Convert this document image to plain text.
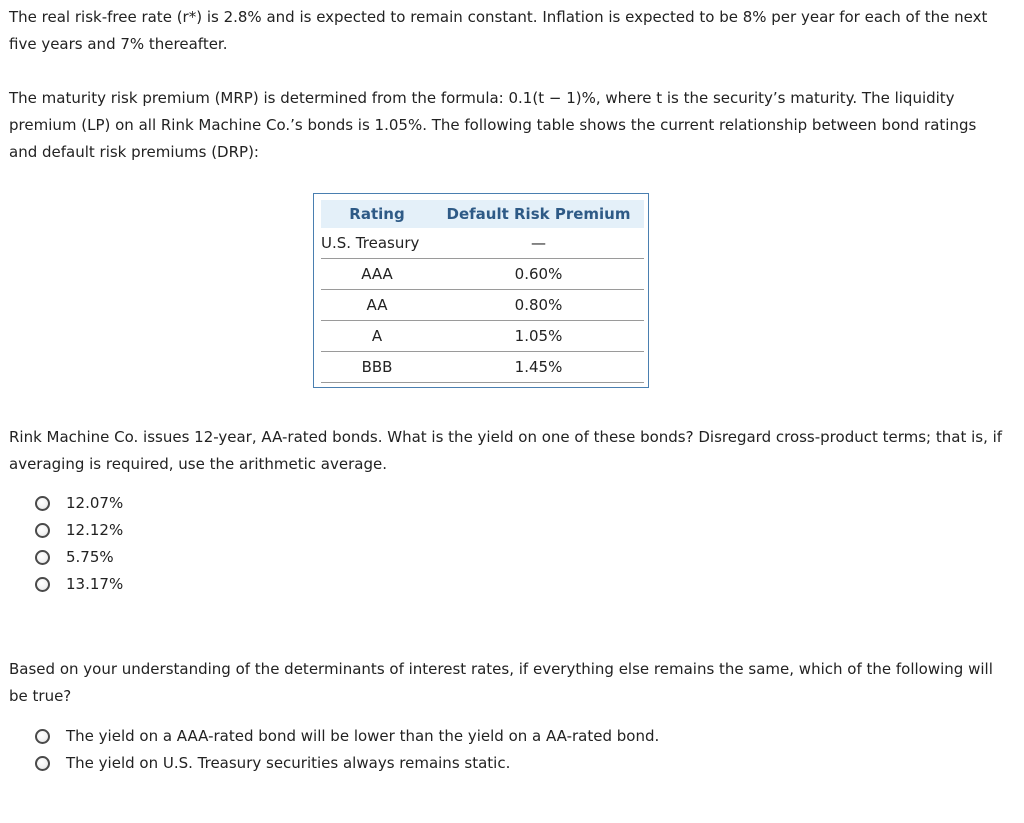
The real risk-free rate (r*) is 2.8% and is expected to remain constant. Inflation is expected to be 8% per year for each of the next five years and 7% thereafter.

The maturity risk premium (MRP) is determined from the formula: 0.1(t − 1)%, where t is the security’s maturity. The liquidity premium (LP) on all Rink Machine Co.’s bonds is 1.05%. The following table shows the current relationship between bond ratings and default risk premiums (DRP):

Rating	Default Risk Premium
U.S. Treasury	—
AAA	0.60%
AA	0.80%
A	1.05%
BBB	1.45%

Rink Machine Co. issues 12-year, AA-rated bonds. What is the yield on one of these bonds? Disregard cross-product terms; that is, if averaging is required, use the arithmetic average.

12.07%
12.12%
5.75%
13.17%

Based on your understanding of the determinants of interest rates, if everything else remains the same, which of the following will be true?

The yield on a AAA-rated bond will be lower than the yield on a AA-rated bond.
The yield on U.S. Treasury securities always remains static.
